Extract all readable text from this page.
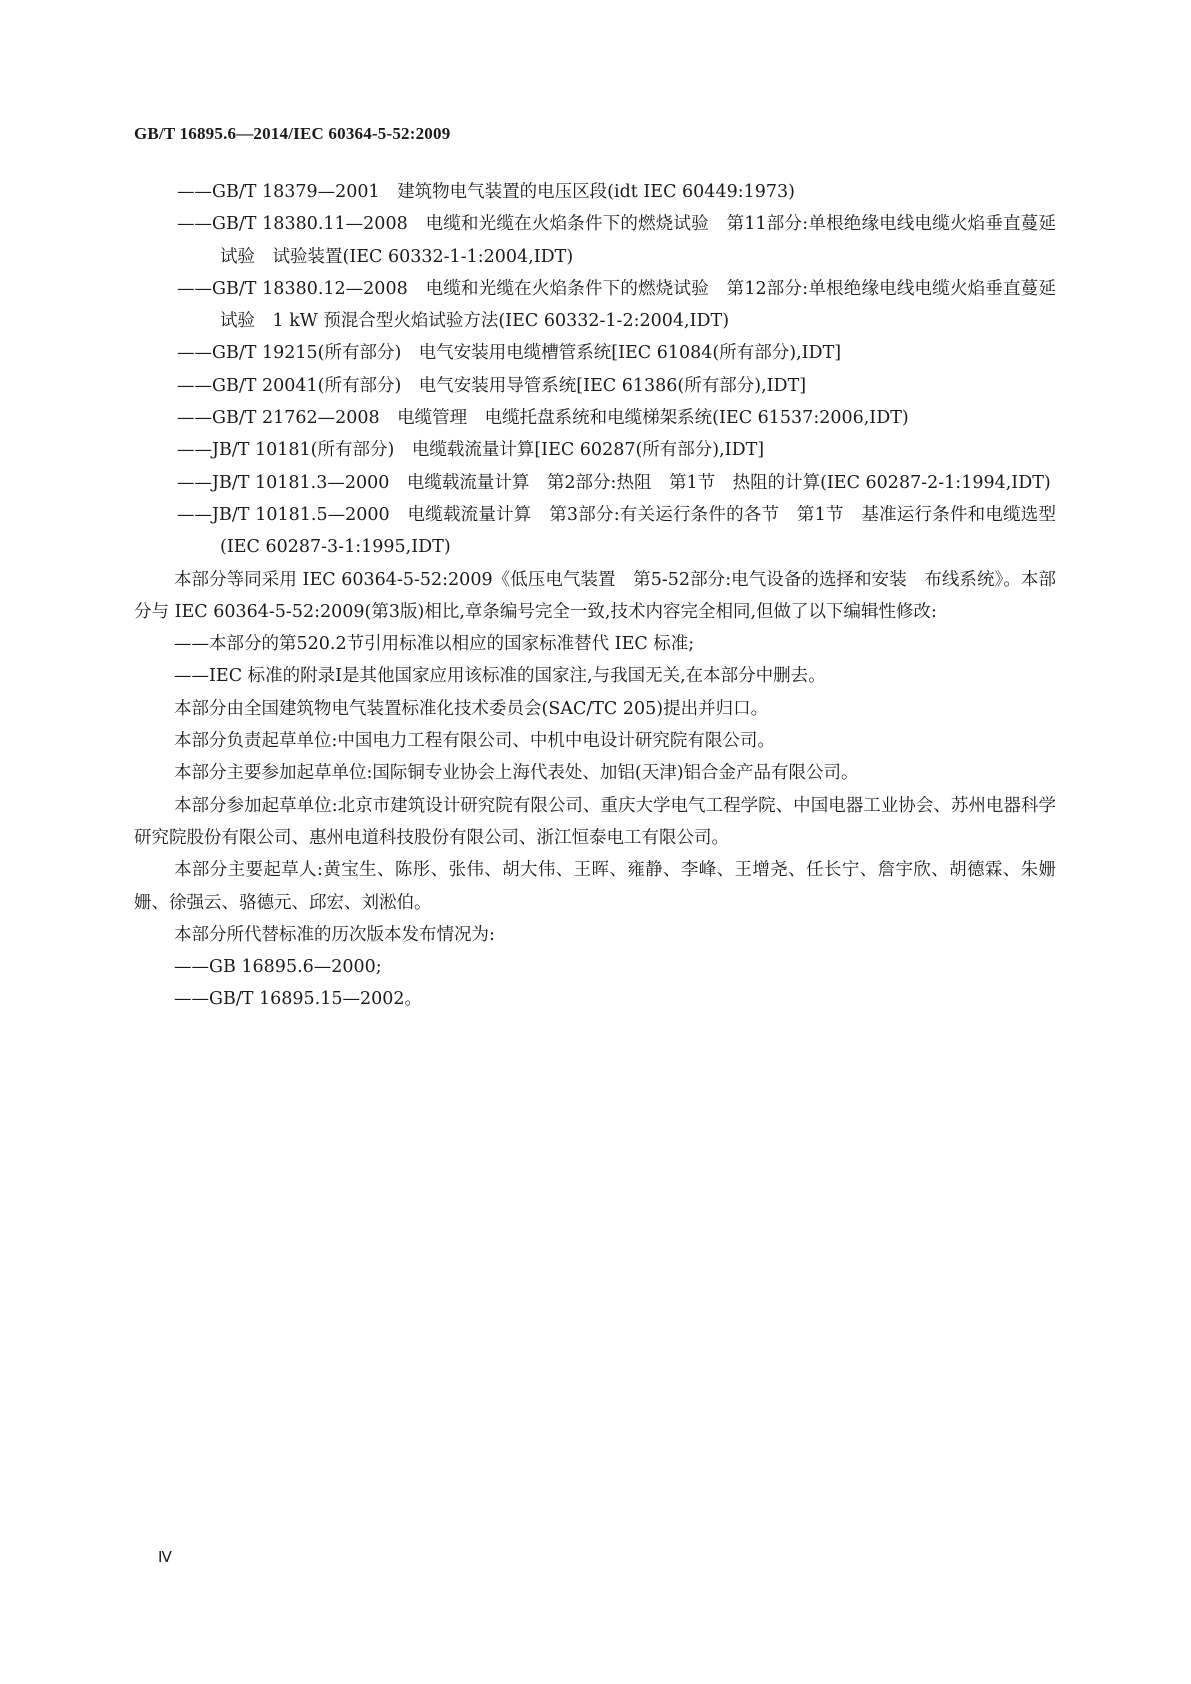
GB/T 16895.6—2014/IEC 60364-5-52:2009
——GB/T 18379—2001　建筑物电气装置的电压区段(idt IEC 60449:1973)
——GB/T 18380.11—2008　电缆和光缆在火焰条件下的燃烧试验　第11部分:单根绝缘电线电缆火焰垂直蔓延试验　试验装置(IEC 60332-1-1:2004,IDT)
——GB/T 18380.12—2008　电缆和光缆在火焰条件下的燃烧试验　第12部分:单根绝缘电线电缆火焰垂直蔓延试验　1 kW 预混合型火焰试验方法(IEC 60332-1-2:2004,IDT)
——GB/T 19215(所有部分)　电气安装用电缆槽管系统[IEC 61084(所有部分),IDT]
——GB/T 20041(所有部分)　电气安装用导管系统[IEC 61386(所有部分),IDT]
——GB/T 21762—2008　电缆管理　电缆托盘系统和电缆梯架系统(IEC 61537:2006,IDT)
——JB/T 10181(所有部分)　电缆载流量计算[IEC 60287(所有部分),IDT]
——JB/T 10181.3—2000　电缆载流量计算　第2部分:热阻　第1节　热阻的计算(IEC 60287-2-1:1994,IDT)
——JB/T 10181.5—2000　电缆载流量计算　第3部分:有关运行条件的各节　第1节　基准运行条件和电缆选型(IEC 60287-3-1:1995,IDT)
本部分等同采用 IEC 60364-5-52:2009《低压电气装置　第5-52部分:电气设备的选择和安装　布线系统》。本部分与 IEC 60364-5-52:2009(第3版)相比,章条编号完全一致,技术内容完全相同,但做了以下编辑性修改:
——本部分的第520.2节引用标准以相应的国家标准替代 IEC 标准;
——IEC 标准的附录I是其他国家应用该标准的国家注,与我国无关,在本部分中删去。
本部分由全国建筑物电气装置标准化技术委员会(SAC/TC 205)提出并归口。
本部分负责起草单位:中国电力工程有限公司、中机中电设计研究院有限公司。
本部分主要参加起草单位:国际铜专业协会上海代表处、加铝(天津)铝合金产品有限公司。
本部分参加起草单位:北京市建筑设计研究院有限公司、重庆大学电气工程学院、中国电器工业协会、苏州电器科学研究院股份有限公司、惠州电道科技股份有限公司、浙江恒泰电工有限公司。
本部分主要起草人:黄宝生、陈彤、张伟、胡大伟、王晖、雍静、李峰、王增尧、任长宁、詹宇欣、胡德霖、朱姗姗、徐强云、骆德元、邱宏、刘淞伯。
本部分所代替标准的历次版本发布情况为:
——GB 16895.6—2000;
——GB/T 16895.15—2002。
Ⅳ
